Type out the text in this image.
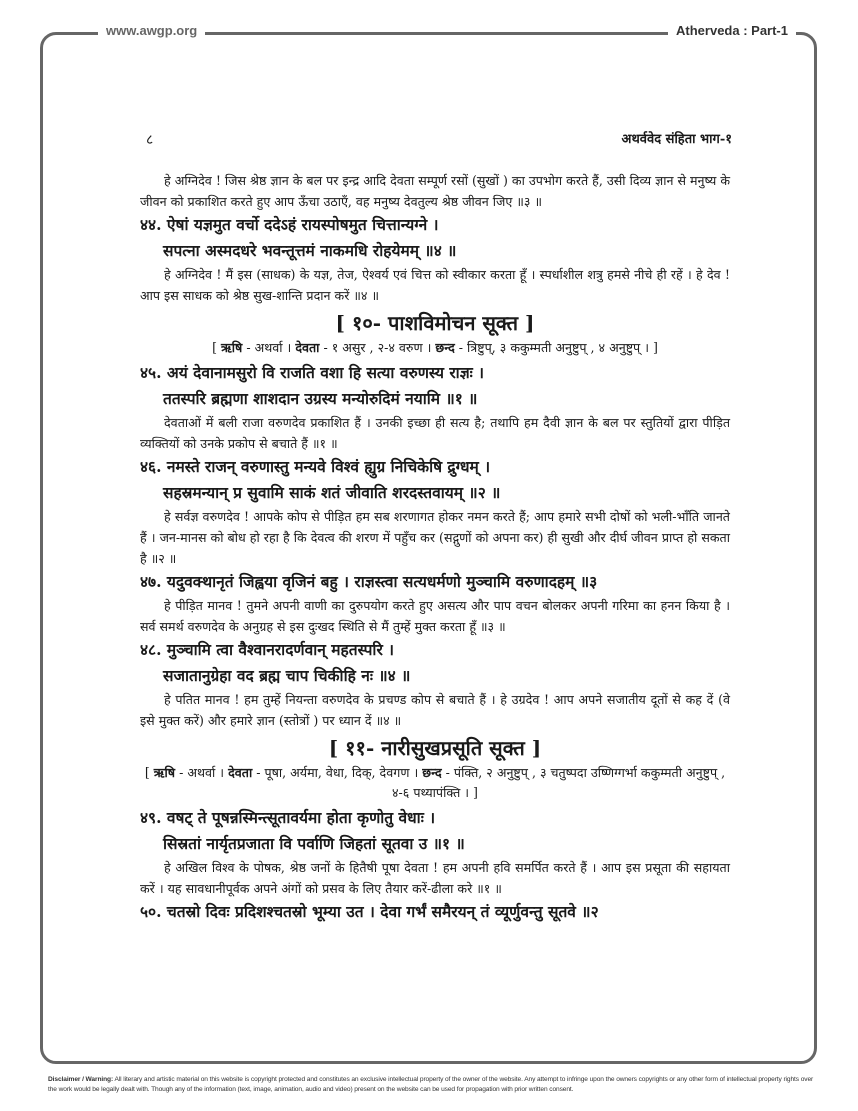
www.awgp.org	Atherveda : Part-1
८	अथर्ववेद संहिता भाग-१

हे अग्निदेव ! जिस श्रेष्ठ ज्ञान के बल पर इन्द्र आदि देवता सम्पूर्ण रसों (सुखों ) का उपभोग करते हैं, उसी दिव्य ज्ञान से मनुष्य के जीवन को प्रकाशित करते हुए आप ऊँचा उठाएँ, वह मनुष्य देवतुल्य श्रेष्ठ जीवन जिए ॥३ ॥

४४. ऐषां यज्ञमुत वर्चो ददेऽहं रायस्पोषमुत चित्तान्यग्ने ।

सपत्ना अस्मदधरे भवन्तूत्तमं नाकमधि रोहयेमम् ॥४ ॥

हे अग्निदेव ! मैं इस (साधक) के यज्ञ, तेज, ऐश्वर्य एवं चित्त को स्वीकार करता हूँ । स्पर्धाशील शत्रु हमसे नीचे ही रहें । हे देव ! आप इस साधक को श्रेष्ठ सुख-शान्ति प्रदान करें ॥४ ॥

[ १०- पाशविमोचन सूक्त ]

[ ऋषि - अथर्वा । देवता - १ असुर , २-४ वरुण । छन्द - त्रिष्टुप्, ३ ककुम्मती अनुष्टुप् , ४ अनुष्टुप् । ]

४५. अयं देवानामसुरो वि राजति वशा हि सत्या वरुणस्य राज्ञः ।

ततस्परि ब्रह्मणा शाशदान उग्रस्य मन्योरुदिमं नयामि ॥१ ॥

देवताओं में बली राजा वरुणदेव प्रकाशित हैं । उनकी इच्छा ही सत्य है; तथापि हम दैवी ज्ञान के बल पर स्तुतियों द्वारा पीड़ित व्यक्तियों को उनके प्रकोप से बचाते हैं ॥१ ॥

४६. नमस्ते राजन् वरुणास्तु मन्यवे विश्वं ह्युग्र निचिकेषि द्रुग्धम् ।

सहस्रमन्यान् प्र सुवामि साकं शतं जीवाति शरदस्तवायम् ॥२ ॥

हे सर्वज्ञ वरुणदेव ! आपके कोप से पीड़ित हम सब शरणागत होकर नमन करते हैं; आप हमारे सभी दोषों को भली-भाँति जानते हैं । जन-मानस को बोध हो रहा है कि देवत्व की शरण में पहुँच कर (सद्गुणों को अपना कर) ही सुखी और दीर्घ जीवन प्राप्त हो सकता है ॥२ ॥

४७. यदुवक्थानृतं जिह्वया वृजिनं बहु । राज्ञस्त्वा सत्यधर्मणो मुञ्चामि वरुणादहम् ॥३

हे पीड़ित मानव ! तुमने अपनी वाणी का दुरुपयोग करते हुए असत्य और पाप वचन बोलकर अपनी गरिमा का हनन किया है । सर्व समर्थ वरुणदेव के अनुग्रह से इस दुःखद स्थिति से मैं तुम्हें मुक्त करता हूँ ॥३ ॥

४८. मुञ्चामि त्वा वैश्वानरादर्णवान् महतस्परि ।

सजातानुग्रेहा वद ब्रह्म चाप चिकीहि नः ॥४ ॥

हे पतित मानव ! हम तुम्हें नियन्ता वरुणदेव के प्रचण्ड कोप से बचाते हैं । हे उग्रदेव ! आप अपने सजातीय दूतों से कह दें (वे इसे मुक्त करें) और हमारे ज्ञान (स्तोत्रों ) पर ध्यान दें ॥४ ॥

[ ११- नारीसुखप्रसूति सूक्त ]

[ ऋषि - अथर्वा । देवता - पूषा, अर्यमा, वेधा, दिक्, देवगण । छन्द - पंक्ति, २ अनुष्टुप् , ३ चतुष्पदा उष्णिग्गर्भा ककुम्मती अनुष्टुप् , ४-६ पथ्यापंक्ति । ]

४९. वषट् ते पूषन्नस्मिन्त्सूतावर्यमा होता कृणोतु वेधाः ।

सिस्रतां नार्यृतप्रजाता वि पर्वाणि जिहतां सूतवा उ ॥१ ॥

हे अखिल विश्व के पोषक, श्रेष्ठ जनों के हितैषी पूषा देवता ! हम अपनी हवि समर्पित करते हैं । आप इस प्रसूता की सहायता करें । यह सावधानीपूर्वक अपने अंगों को प्रसव के लिए तैयार करें-ढीला करे ॥१ ॥

५०. चतस्रो दिवः प्रदिशश्चतस्रो भूम्या उत । देवा गर्भं समैरयन् तं व्यूर्णुवन्तु सूतवे ॥२

Disclaimer / Warning: All literary and artistic material on this website is copyright protected and constitutes an exclusive intellectual property of the owner of the website. Any attempt to infringe upon the owners copyrights or any other form of intellectual property rights over the work would be legally dealt with. Though any of the information (text, image, animation, audio and video) present on the website can be used for propagation with prior written consent.
